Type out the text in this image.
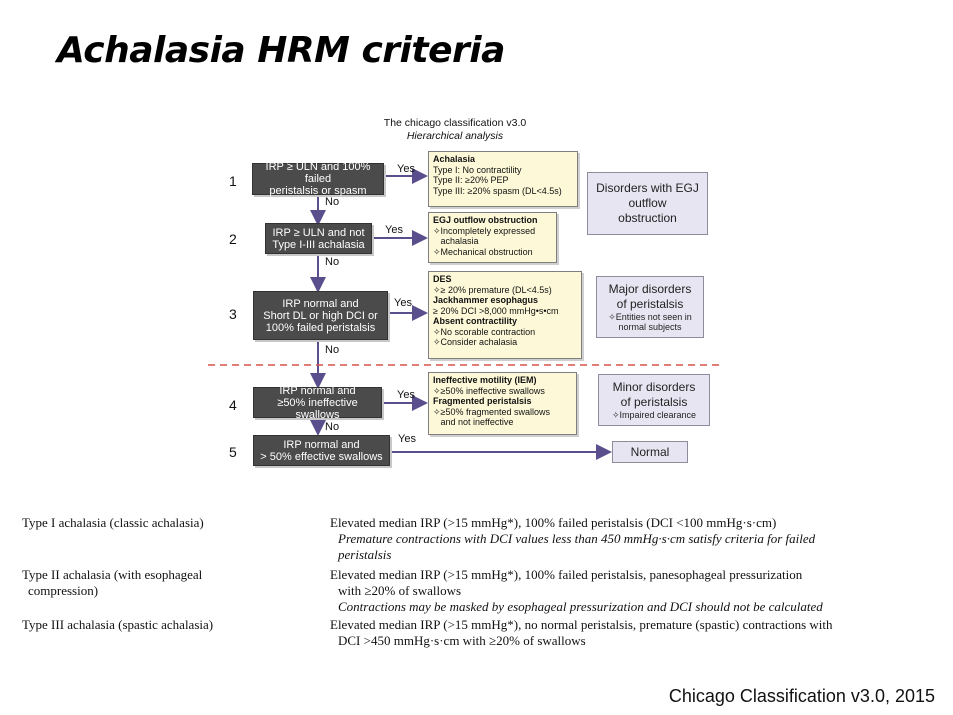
Achalasia HRM criteria
The chicago classification v3.0
Hierarchical analysis
1
2
3
4
5
IRP ≥ ULN and 100% failed
peristalsis or spasm
IRP ≥ ULN and not
Type I-III achalasia
IRP normal and
Short DL or high DCI or
100% failed peristalsis
IRP normal and
≥50% ineffective swallows
IRP normal and
> 50% effective swallows
Yes
No
Yes
No
Yes
No
Yes
No
Yes
Achalasia
Type I: No contractility
Type II: ≥20% PEP
Type III: ≥20% spasm (DL<4.5s)
EGJ outflow obstruction
✧Incompletely expressed
achalasia
✧Mechanical obstruction
DES
✧≥ 20% premature (DL<4.5s)
Jackhammer esophagus
≥ 20% DCI >8,000 mmHg•s•cm
Absent contractility
✧No scorable contraction
✧Consider achalasia
Ineffective motility (IEM)
✧≥50% ineffective swallows
Fragmented peristalsis
✧≥50% fragmented swallows
and not ineffective
Disorders with EGJ
outflow
obstruction
Major disorders
of peristalsis
✧Entities not seen in
normal subjects
Minor disorders
of peristalsis
✧Impaired clearance
Normal
Type I achalasia (classic achalasia)	Elevated median IRP (>15 mmHg*), 100% failed peristalsis (DCI <100 mmHg·s·cm)
Premature contractions with DCI values less than 450 mmHg·s·cm satisfy criteria for failed
peristalsis
Type II achalasia (with esophageal
compression)
Elevated median IRP (>15 mmHg*), 100% failed peristalsis, panesophageal pressurization
with ≥20% of swallows
Contractions may be masked by esophageal pressurization and DCI should not be calculated
Type III achalasia (spastic achalasia)	Elevated median IRP (>15 mmHg*), no normal peristalsis, premature (spastic) contractions with
DCI >450 mmHg·s·cm with ≥20% of swallows
Chicago Classification v3.0, 2015
